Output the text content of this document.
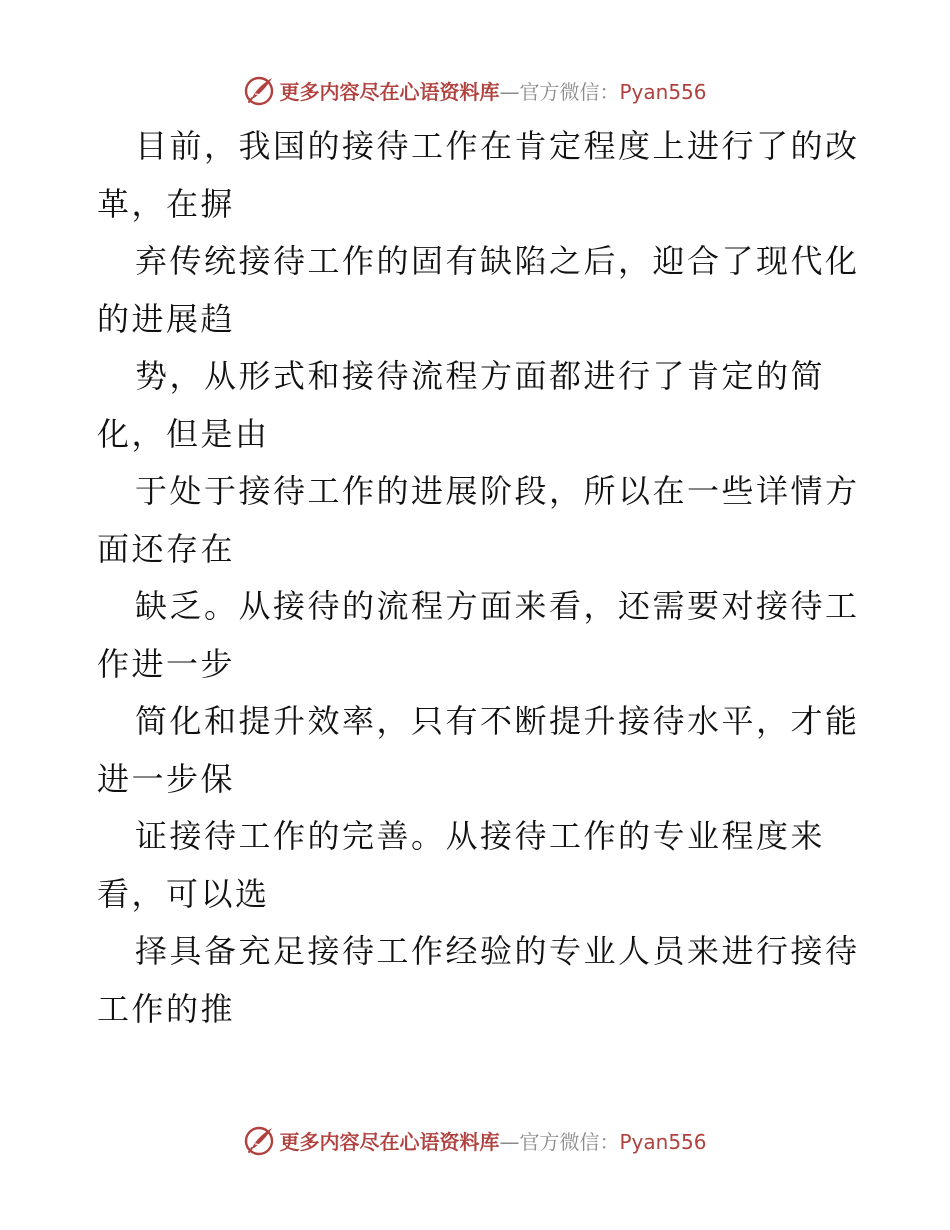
更多内容尽在心语资料库—官方微信：Pyan556
目前，我国的接待工作在肯定程度上进行了的改
革，在摒
弃传统接待工作的固有缺陷之后，迎合了现代化
的进展趋
势，从形式和接待流程方面都进行了肯定的简
化，但是由
于处于接待工作的进展阶段，所以在一些详情方
面还存在
缺乏。从接待的流程方面来看，还需要对接待工
作进一步
简化和提升效率，只有不断提升接待水平，才能
进一步保
证接待工作的完善。从接待工作的专业程度来
看，可以选
择具备充足接待工作经验的专业人员来进行接待
工作的推
更多内容尽在心语资料库—官方微信：Pyan556
